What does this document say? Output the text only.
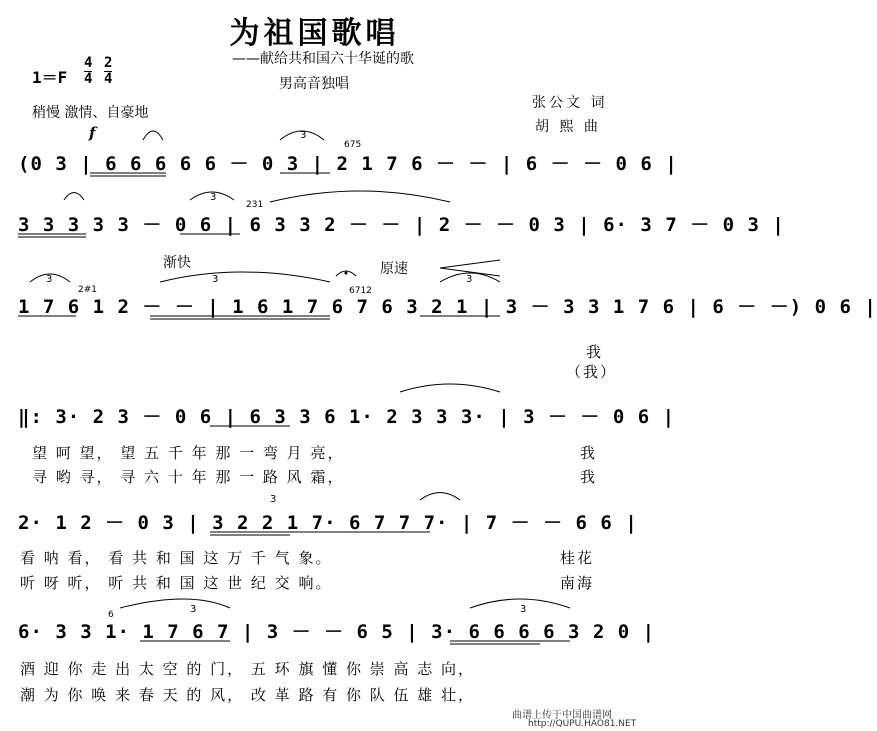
为祖国歌唱
——献给共和国六十华诞的歌
男高音独唱
1＝F
4
4
2
4
稍慢 激情、自豪地
张公文 词
胡 熙 曲
f
(0 3 | 6 6 6 6 6 － 0 3 | 2 1 7 6 － － | 6 － － 0 6 |
3 3 3 3 3 － 0 6 | 6 3 3 2 － － | 2 － － 0 3 | 6· 3 7 － 0 3 |
1 7 6 1 2 － － | 1 6 1 7 6 7 6 3 2 1 | 3 － 3 3 1 7 6 | 6 － －) 0 6 |
‖: 3· 2 3 － 0 6 | 6 3 3 6 1· 2 3 3 3· | 3 － － 0 6 |
2· 1 2 － 0 3 | 3 2 2 1 7· 6 7 7 7· | 7 － － 6 6 |
6· 3 3 1· 1 7 6 7 | 3 － － 6 5 | 3· 6 6 6 6 3 2 0 |
675
231
2#1	6712
6
3
3
3	3	3
3
3	3
渐快	原速
我
（我）
望 呵 望， 望 五 千 年 那 一 弯 月 亮，	我
寻 哟 寻， 寻 六 十 年 那 一 路 风 霜，	我
看 呐 看， 看 共 和 国 这 万 千 气 象。	桂花
听 呀 听， 听 共 和 国 这 世 纪 交 响。	南海
酒 迎 你 走 出 太 空 的 门， 五 环 旗 懂 你 崇 高 志 向，
潮 为 你 唤 来 春 天 的 风， 改 革 路 有 你 队 伍 雄 壮，
曲谱上传于中国曲谱网
http://QUPU.HAO81.NET
